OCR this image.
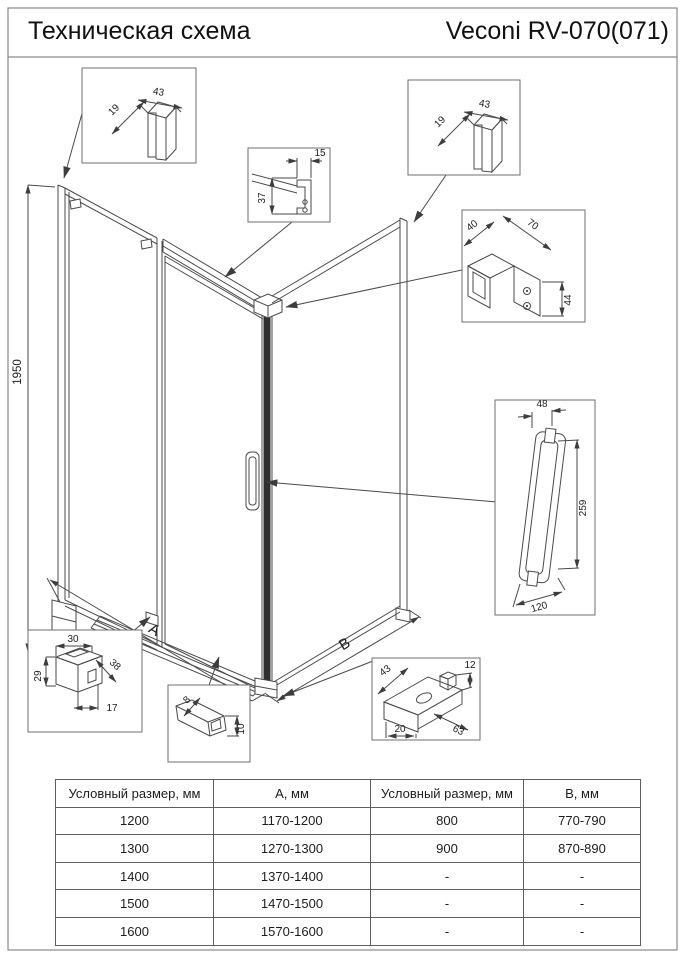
1950
A
B
15
37
40	70
44
48
259
120
30
29
38
17
8
10
43	12
63
20
Техническая схема	Veconi RV-070(071)
Условный размер, мм	А, мм	Условный размер, мм	В, мм
1200	1170-1200	800	770-790
1300	1270-1300	900	870-890
1400	1370-1400	-	-
1500	1470-1500	-	-
1600	1570-1600	-	-
